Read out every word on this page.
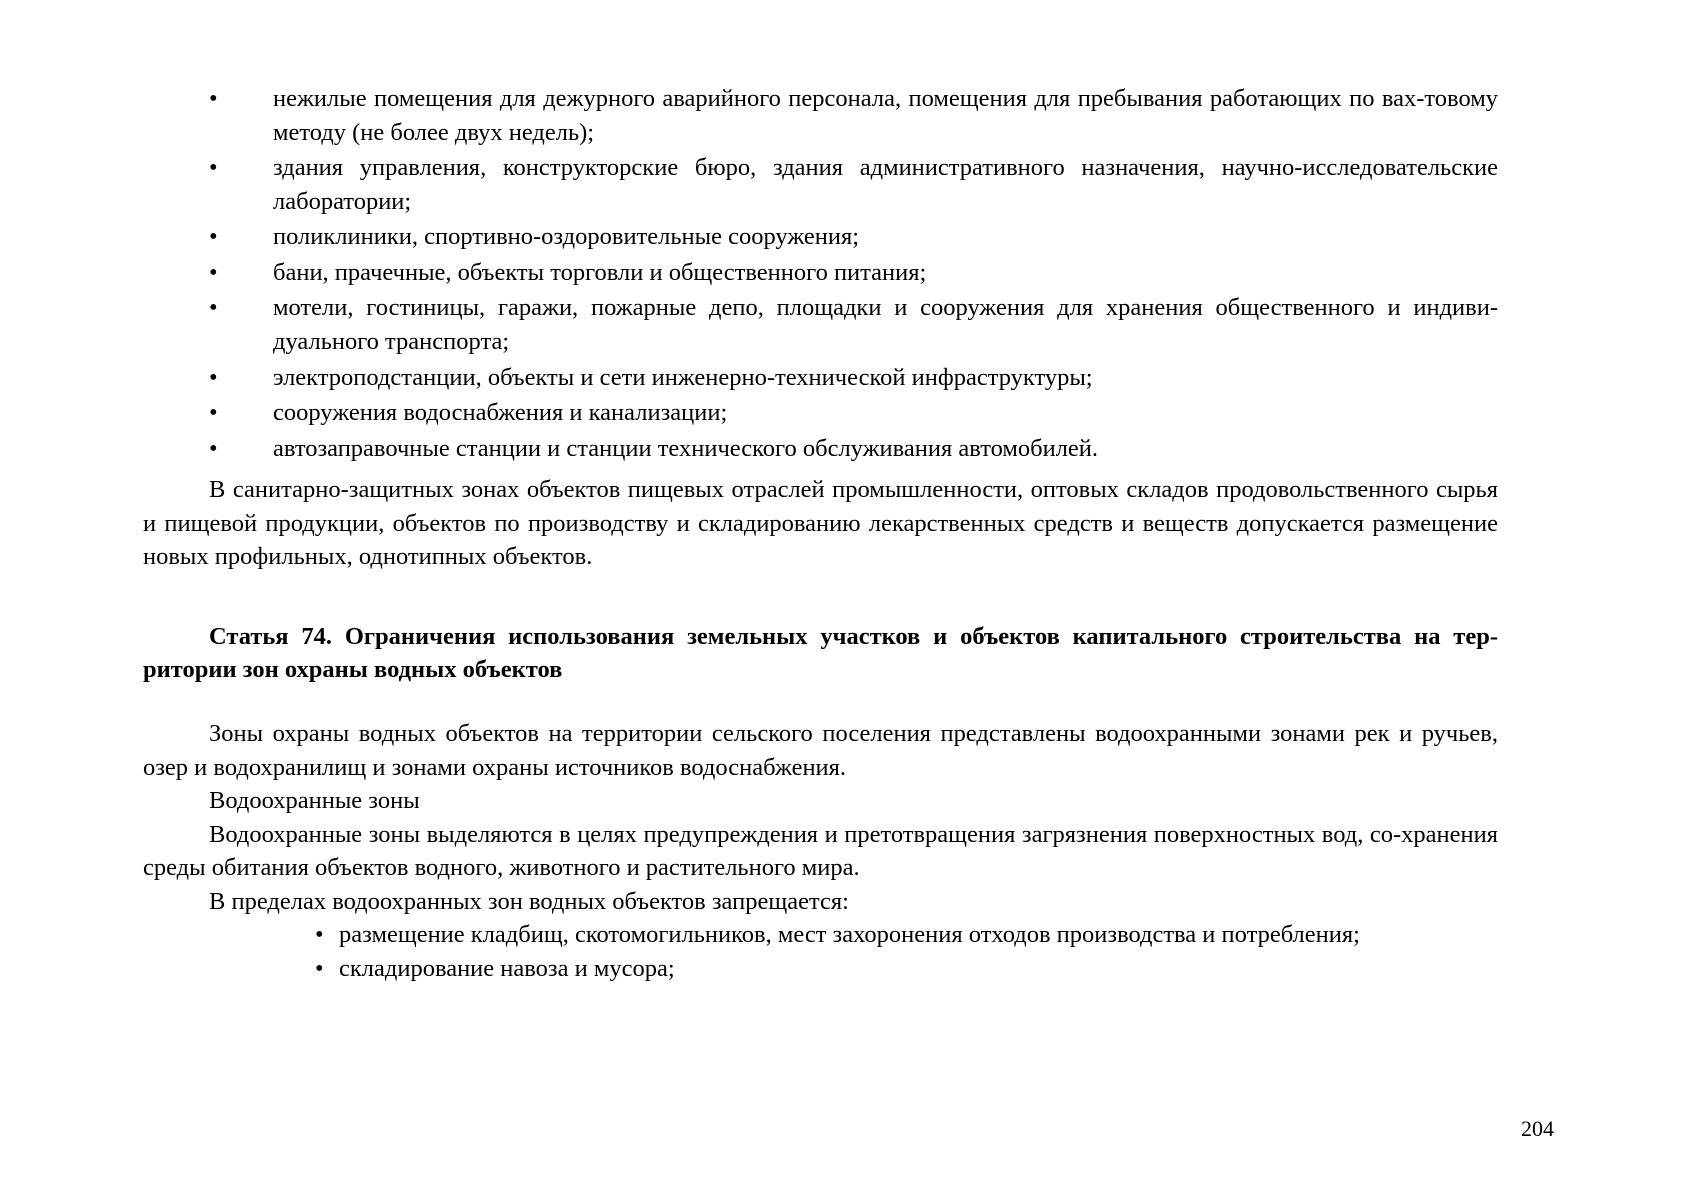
• нежилые помещения для дежурного аварийного персонала, помещения для пребывания работающих по вах-товому методу (не более двух недель);
• здания управления, конструкторские бюро, здания административного назначения, научно-исследовательские лаборатории;
• поликлиники, спортивно-оздоровительные сооружения;
• бани, прачечные, объекты торговли и общественного питания;
• мотели, гостиницы, гаражи, пожарные депо, площадки и сооружения для хранения общественного и индиви-дуального транспорта;
• электроподстанции, объекты и сети инженерно-технической инфраструктуры;
• сооружения водоснабжения и канализации;
• автозаправочные станции и станции технического обслуживания автомобилей.

В санитарно-защитных зонах объектов пищевых отраслей промышленности, оптовых складов продовольственного сырья и пищевой продукции, объектов по производству и складированию лекарственных средств и веществ допускается размещение новых профильных, однотипных объектов.

Статья 74. Ограничения использования земельных участков и объектов капитального строительства на тер-ритории зон охраны водных объектов

Зоны охраны водных объектов на территории сельского поселения представлены водоохранными зонами рек и ручьев, озер и водохранилищ и зонами охраны источников водоснабжения.

Водоохранные зоны

Водоохранные зоны выделяются в целях предупреждения и претотвращения загрязнения поверхностных вод, со-хранения среды обитания объектов водного, животного и растительного мира.

В пределах водоохранных зон водных объектов запрещается:

• размещение кладбищ, скотомогильников, мест захоронения отходов производства и потребления;
• складирование навоза и мусора;
204
